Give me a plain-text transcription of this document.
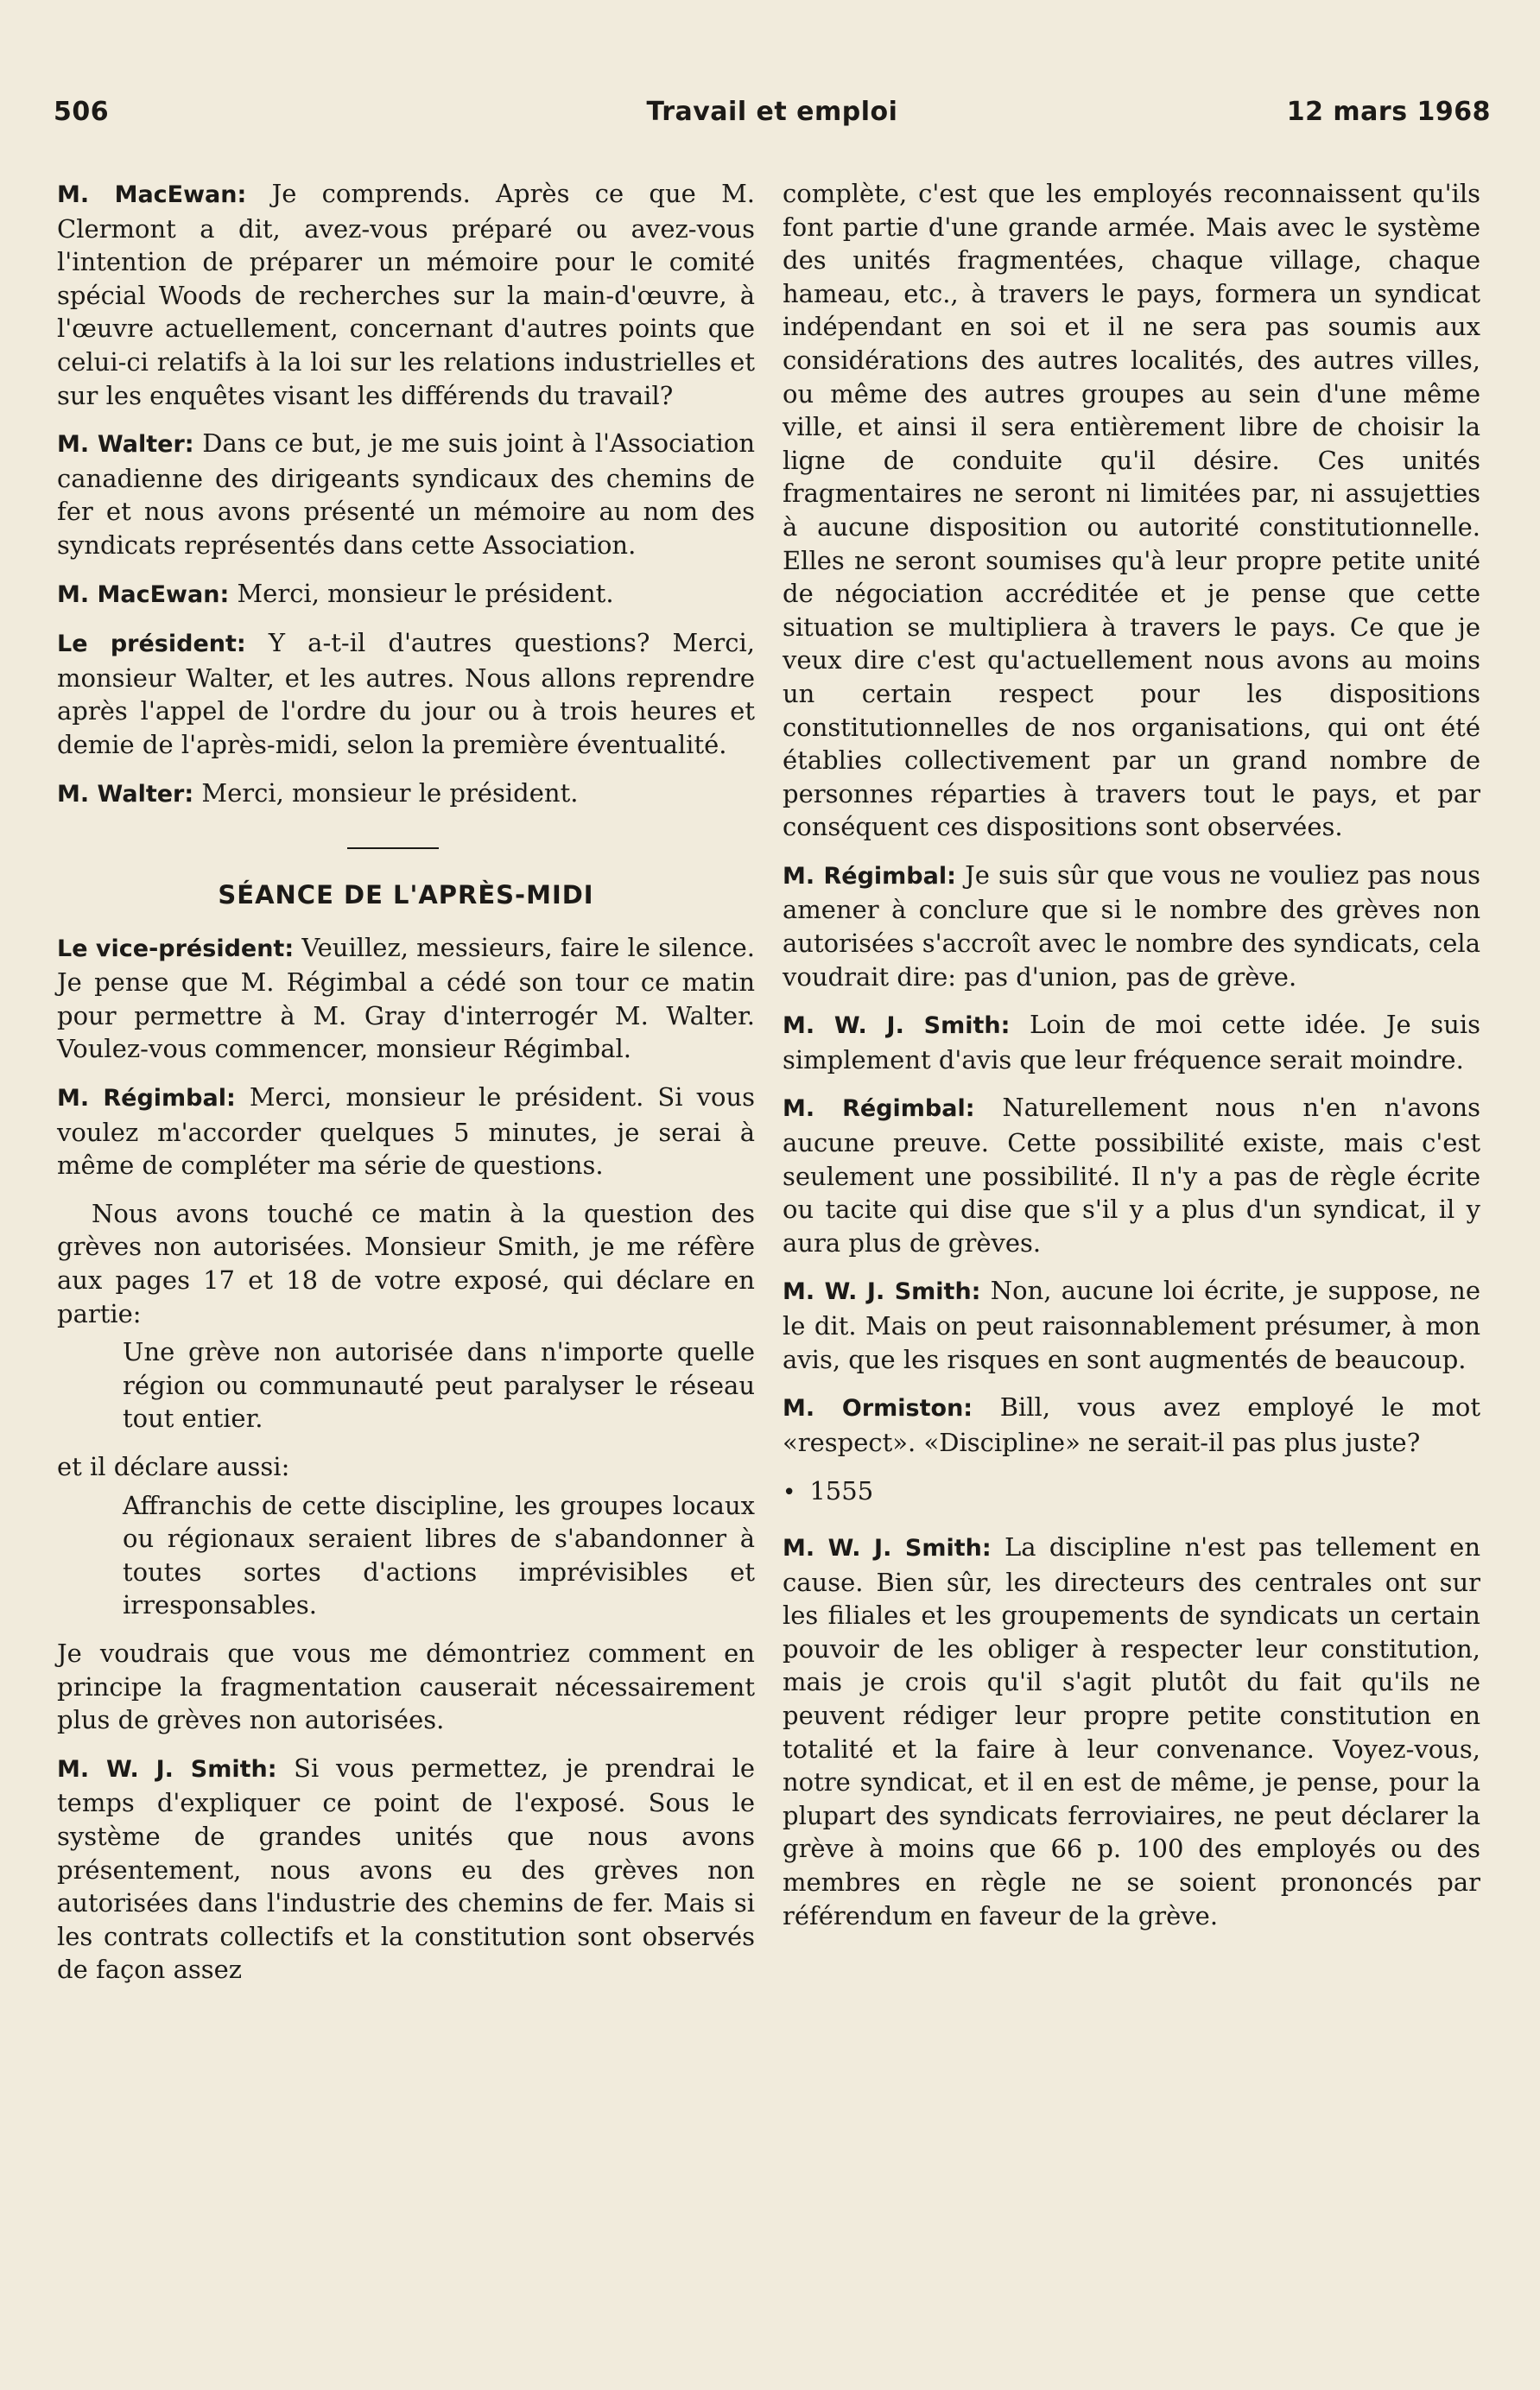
506	Travail et emploi	12 mars 1968

M. MacEwan: Je comprends. Après ce que M. Clermont a dit, avez-vous préparé ou avez-vous l'intention de préparer un mémoire pour le comité spécial Woods de recherches sur la main-d'œuvre, à l'œuvre actuellement, concernant d'autres points que celui-ci relatifs à la loi sur les relations industrielles et sur les enquêtes visant les différends du travail?

M. Walter: Dans ce but, je me suis joint à l'Association canadienne des dirigeants syndicaux des chemins de fer et nous avons présenté un mémoire au nom des syndicats représentés dans cette Association.

M. MacEwan: Merci, monsieur le président.

Le président: Y a-t-il d'autres questions? Merci, monsieur Walter, et les autres. Nous allons reprendre après l'appel de l'ordre du jour ou à trois heures et demie de l'après-midi, selon la première éventualité.

M. Walter: Merci, monsieur le président.

SÉANCE DE L'APRÈS-MIDI

Le vice-président: Veuillez, messieurs, faire le silence. Je pense que M. Régimbal a cédé son tour ce matin pour permettre à M. Gray d'interrogér M. Walter. Voulez-vous commencer, monsieur Régimbal.

M. Régimbal: Merci, monsieur le président. Si vous voulez m'accorder quelques 5 minutes, je serai à même de compléter ma série de questions.

Nous avons touché ce matin à la question des grèves non autorisées. Monsieur Smith, je me réfère aux pages 17 et 18 de votre exposé, qui déclare en partie:

Une grève non autorisée dans n'importe quelle région ou communauté peut paralyser le réseau tout entier.

et il déclare aussi:

Affranchis de cette discipline, les groupes locaux ou régionaux seraient libres de s'abandonner à toutes sortes d'actions imprévisibles et irresponsables.

Je voudrais que vous me démontriez comment en principe la fragmentation causerait nécessairement plus de grèves non autorisées.

M. W. J. Smith: Si vous permettez, je prendrai le temps d'expliquer ce point de l'exposé. Sous le système de grandes unités que nous avons présentement, nous avons eu des grèves non autorisées dans l'industrie des chemins de fer. Mais si les contrats collectifs et la constitution sont observés de façon assez

complète, c'est que les employés reconnaissent qu'ils font partie d'une grande armée. Mais avec le système des unités fragmentées, chaque village, chaque hameau, etc., à travers le pays, formera un syndicat indépendant en soi et il ne sera pas soumis aux considérations des autres localités, des autres villes, ou même des autres groupes au sein d'une même ville, et ainsi il sera entièrement libre de choisir la ligne de conduite qu'il désire. Ces unités fragmentaires ne seront ni limitées par, ni assujetties à aucune disposition ou autorité constitutionnelle. Elles ne seront soumises qu'à leur propre petite unité de négociation accréditée et je pense que cette situation se multipliera à travers le pays. Ce que je veux dire c'est qu'actuellement nous avons au moins un certain respect pour les dispositions constitutionnelles de nos organisations, qui ont été établies collectivement par un grand nombre de personnes réparties à travers tout le pays, et par conséquent ces dispositions sont observées.

M. Régimbal: Je suis sûr que vous ne vouliez pas nous amener à conclure que si le nombre des grèves non autorisées s'accroît avec le nombre des syndicats, cela voudrait dire: pas d'union, pas de grève.

M. W. J. Smith: Loin de moi cette idée. Je suis simplement d'avis que leur fréquence serait moindre.

M. Régimbal: Naturellement nous n'en n'avons aucune preuve. Cette possibilité existe, mais c'est seulement une possibilité. Il n'y a pas de règle écrite ou tacite qui dise que s'il y a plus d'un syndicat, il y aura plus de grèves.

M. W. J. Smith: Non, aucune loi écrite, je suppose, ne le dit. Mais on peut raisonnablement présumer, à mon avis, que les risques en sont augmentés de beaucoup.

M. Ormiston: Bill, vous avez employé le mot «respect». «Discipline» ne serait-il pas plus juste?

• 1555

M. W. J. Smith: La discipline n'est pas tellement en cause. Bien sûr, les directeurs des centrales ont sur les filiales et les groupements de syndicats un certain pouvoir de les obliger à respecter leur constitution, mais je crois qu'il s'agit plutôt du fait qu'ils ne peuvent rédiger leur propre petite constitution en totalité et la faire à leur convenance. Voyez-vous, notre syndicat, et il en est de même, je pense, pour la plupart des syndicats ferroviaires, ne peut déclarer la grève à moins que 66 p. 100 des employés ou des membres en règle ne se soient prononcés par référendum en faveur de la grève.
